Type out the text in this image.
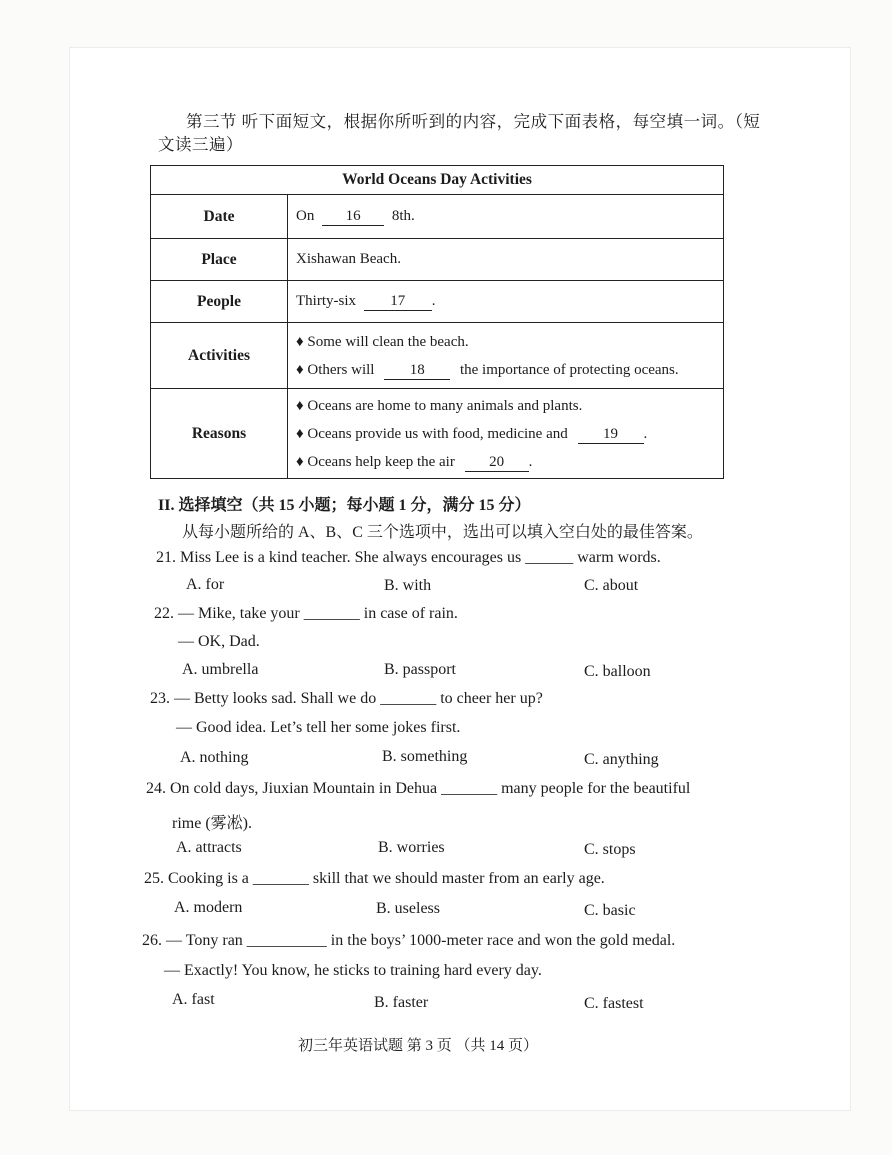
第三节 听下面短文，根据你所听到的内容，完成下面表格，每空填一词。（短
文读三遍）
World Oceans Day Activities	
Date	On 16 8th.
Place	Xishawan Beach.
People	Thirty-six 17 .
Activities	♦ Some will clean the beach.
♦ Others will 18 the importance of protecting oceans.

Reasons	♦ Oceans are home to many animals and plants.
♦ Oceans provide us with food, medicine and 19 .
♦ Oceans help keep the air 20 .
II. 选择填空（共 15 小题；每小题 1 分，满分 15 分）
从每小题所给的 A、B、C 三个选项中，选出可以填入空白处的最佳答案。
21. Miss Lee is a kind teacher. She always encourages us ______ warm words.
A. for	B. with	C. about
22. — Mike, take your _______ in case of rain.
— OK, Dad.
A. umbrella	B. passport	C. balloon
23. — Betty looks sad. Shall we do _______ to cheer her up?
— Good idea. Let’s tell her some jokes first.
A. nothing	B. something	C. anything
24. On cold days, Jiuxian Mountain in Dehua _______ many people for the beautiful
rime (雾凇).
A. attracts	B. worries	C. stops
25. Cooking is a _______ skill that we should master from an early age.
A. modern	B. useless	C. basic
26. — Tony ran __________ in the boys’ 1000-meter race and won the gold medal.
— Exactly! You know, he sticks to training hard every day.
A. fast	B. faster	C. fastest
初三年英语试题 第 3 页 （共 14 页）
